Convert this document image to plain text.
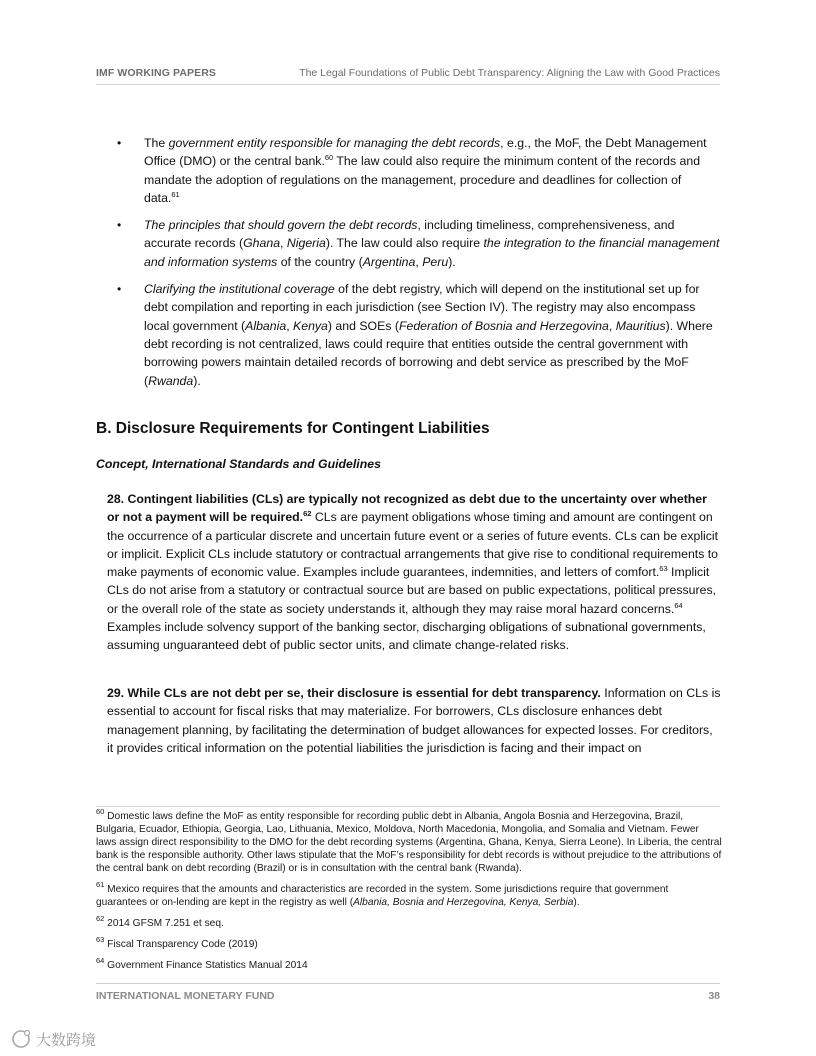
IMF WORKING PAPERS	The Legal Foundations of Public Debt Transparency: Aligning the Law with Good Practices
• The government entity responsible for managing the debt records, e.g., the MoF, the Debt Management Office (DMO) or the central bank.$^{60}$ The law could also require the minimum content of the records and mandate the adoption of regulations on the management, procedure and deadlines for collection of data.$^{61}$
• The principles that should govern the debt records, including timeliness, comprehensiveness, and accurate records (Ghana, Nigeria). The law could also require the integration to the financial management and information systems of the country (Argentina, Peru).
• Clarifying the institutional coverage of the debt registry, which will depend on the institutional set up for debt compilation and reporting in each jurisdiction (see Section IV). The registry may also encompass local government (Albania, Kenya) and SOEs (Federation of Bosnia and Herzegovina, Mauritius). Where debt recording is not centralized, laws could require that entities outside the central government with borrowing powers maintain detailed records of borrowing and debt service as prescribed by the MoF (Rwanda).
B. Disclosure Requirements for Contingent Liabilities
Concept, International Standards and Guidelines

28. Contingent liabilities (CLs) are typically not recognized as debt due to the uncertainty over whether or not a payment will be required.$^{62}$ CLs are payment obligations whose timing and amount are contingent on the occurrence of a particular discrete and uncertain future event or a series of future events. CLs can be explicit or implicit. Explicit CLs include statutory or contractual arrangements that give rise to conditional requirements to make payments of economic value. Examples include guarantees, indemnities, and letters of comfort.$^{63}$ Implicit CLs do not arise from a statutory or contractual source but are based on public expectations, political pressures, or the overall role of the state as society understands it, although they may raise moral hazard concerns.$^{64}$ Examples include solvency support of the banking sector, discharging obligations of subnational governments, assuming unguaranteed debt of public sector units, and climate change-related risks.

29. While CLs are not debt per se, their disclosure is essential for debt transparency. Information on CLs is essential to account for fiscal risks that may materialize. For borrowers, CLs disclosure enhances debt management planning, by facilitating the determination of budget allowances for expected losses. For creditors, it provides critical information on the potential liabilities the jurisdiction is facing and their impact on

$^{60}$ Domestic laws define the MoF as entity responsible for recording public debt in Albania, Angola Bosnia and Herzegovina, Brazil, Bulgaria, Ecuador, Ethiopia, Georgia, Lao, Lithuania, Mexico, Moldova, North Macedonia, Mongolia, and Somalia and Vietnam. Fewer laws assign direct responsibility to the DMO for the debt recording systems (Argentina, Ghana, Kenya, Sierra Leone). In Liberia, the central bank is the responsible authority. Other laws stipulate that the MoF’s responsibility for debt records is without prejudice to the attributions of the central bank on debt recording (Brazil) or is in consultation with the central bank (Rwanda).

$^{61}$ Mexico requires that the amounts and characteristics are recorded in the system. Some jurisdictions require that government guarantees or on-lending are kept in the registry as well (Albania, Bosnia and Herzegovina, Kenya, Serbia).

$^{62}$ 2014 GFSM 7.251 et seq.

$^{63}$ Fiscal Transparency Code (2019)

$^{64}$ Government Finance Statistics Manual 2014

INTERNATIONAL MONETARY FUND	38
大数跨境
